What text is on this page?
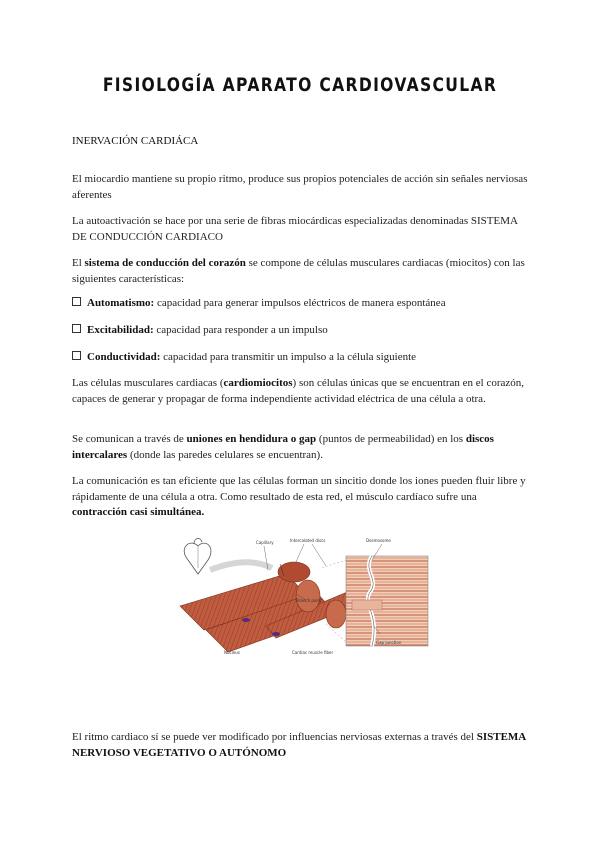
FISIOLOGÍA APARATO CARDIOVASCULAR
INERVACIÓN CARDIÁCA
El miocardio mantiene su propio ritmo, produce sus propios potenciales de acción sin señales nerviosas aferentes
La autoactivación se hace por una serie de fibras miocárdicas especializadas denominadas SISTEMA DE CONDUCCIÓN CARDIACO
El sistema de conducción del corazón se compone de células musculares cardiacas (miocitos) con las siguientes características:
Automatismo: capacidad para generar impulsos eléctricos de manera espontánea
Excitabilidad: capacidad para responder a un impulso
Conductividad: capacidad para transmitir un impulso a la célula siguiente
Las células musculares cardiacas (cardiomiocitos) son células únicas que se encuentran en el corazón, capaces de generar y propagar de forma independiente actividad eléctrica de una célula a otra.
Se comunican a través de uniones en hendidura o gap (puntos de permeabilidad) en los discos intercalares (donde las paredes celulares se encuentran).
La comunicación es tan eficiente que las células forman un sincitio donde los iones pueden fluir libre y rápidamente de una célula a otra. Como resultado de esta red, el músculo cardíaco sufre una contracción casi simultánea.
Capillary	Intercalated discs	Desmosome
Branch point
Nucleus	Cardiac muscle fiber
Gap junction
El ritmo cardiaco sí se puede ver modificado por influencias nerviosas externas a través del SISTEMA NERVIOSO VEGETATIVO O AUTÓNOMO
